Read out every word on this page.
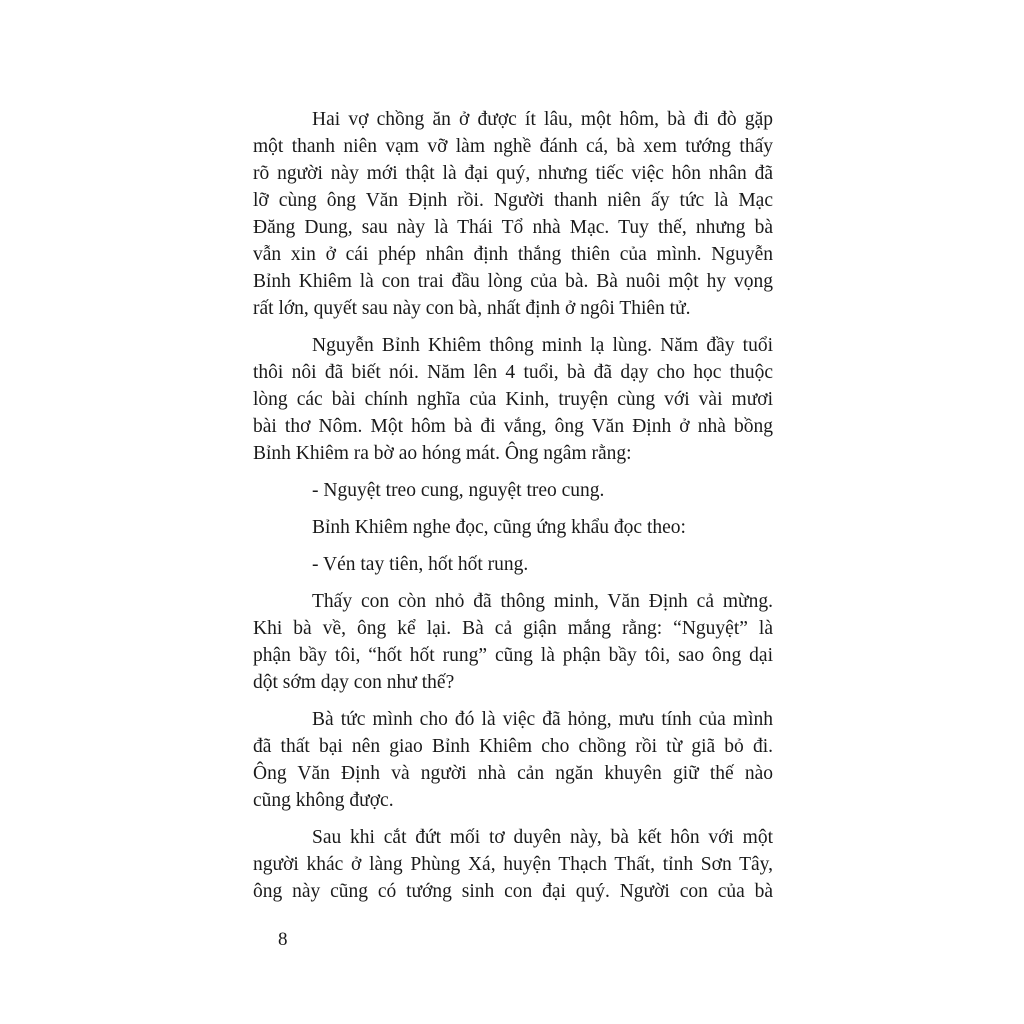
Hai vợ chồng ăn ở được ít lâu, một hôm, bà đi đò gặp
một thanh niên vạm vỡ làm nghề đánh cá, bà xem tướng thấy
rõ người này mới thật là đại quý, nhưng tiếc việc hôn nhân đã
lỡ cùng ông Văn Định rồi. Người thanh niên ấy tức là Mạc
Đăng Dung, sau này là Thái Tổ nhà Mạc. Tuy thế, nhưng bà
vẫn xin ở cái phép nhân định thắng thiên của mình. Nguyễn
Bỉnh Khiêm là con trai đầu lòng của bà. Bà nuôi một hy vọng
rất lớn, quyết sau này con bà, nhất định ở ngôi Thiên tử.
Nguyễn Bỉnh Khiêm thông minh lạ lùng. Năm đầy tuổi
thôi nôi đã biết nói. Năm lên 4 tuổi, bà đã dạy cho học thuộc
lòng các bài chính nghĩa của Kinh, truyện cùng với vài mươi
bài thơ Nôm. Một hôm bà đi vắng, ông Văn Định ở nhà bồng
Bỉnh Khiêm ra bờ ao hóng mát. Ông ngâm rằng:
- Nguyệt treo cung, nguyệt treo cung.
Bỉnh Khiêm nghe đọc, cũng ứng khẩu đọc theo:
- Vén tay tiên, hốt hốt rung.
Thấy con còn nhỏ đã thông minh, Văn Định cả mừng.
Khi bà về, ông kể lại. Bà cả giận mắng rằng: “Nguyệt” là
phận bầy tôi, “hốt hốt rung” cũng là phận bầy tôi, sao ông dại
dột sớm dạy con như thế?
Bà tức mình cho đó là việc đã hỏng, mưu tính của mình
đã thất bại nên giao Bỉnh Khiêm cho chồng rồi từ giã bỏ đi.
Ông Văn Định và người nhà cản ngăn khuyên giữ thế nào
cũng không được.
Sau khi cắt đứt mối tơ duyên này, bà kết hôn với một
người khác ở làng Phùng Xá, huyện Thạch Thất, tỉnh Sơn Tây,
ông này cũng có tướng sinh con đại quý. Người con của bà
8
